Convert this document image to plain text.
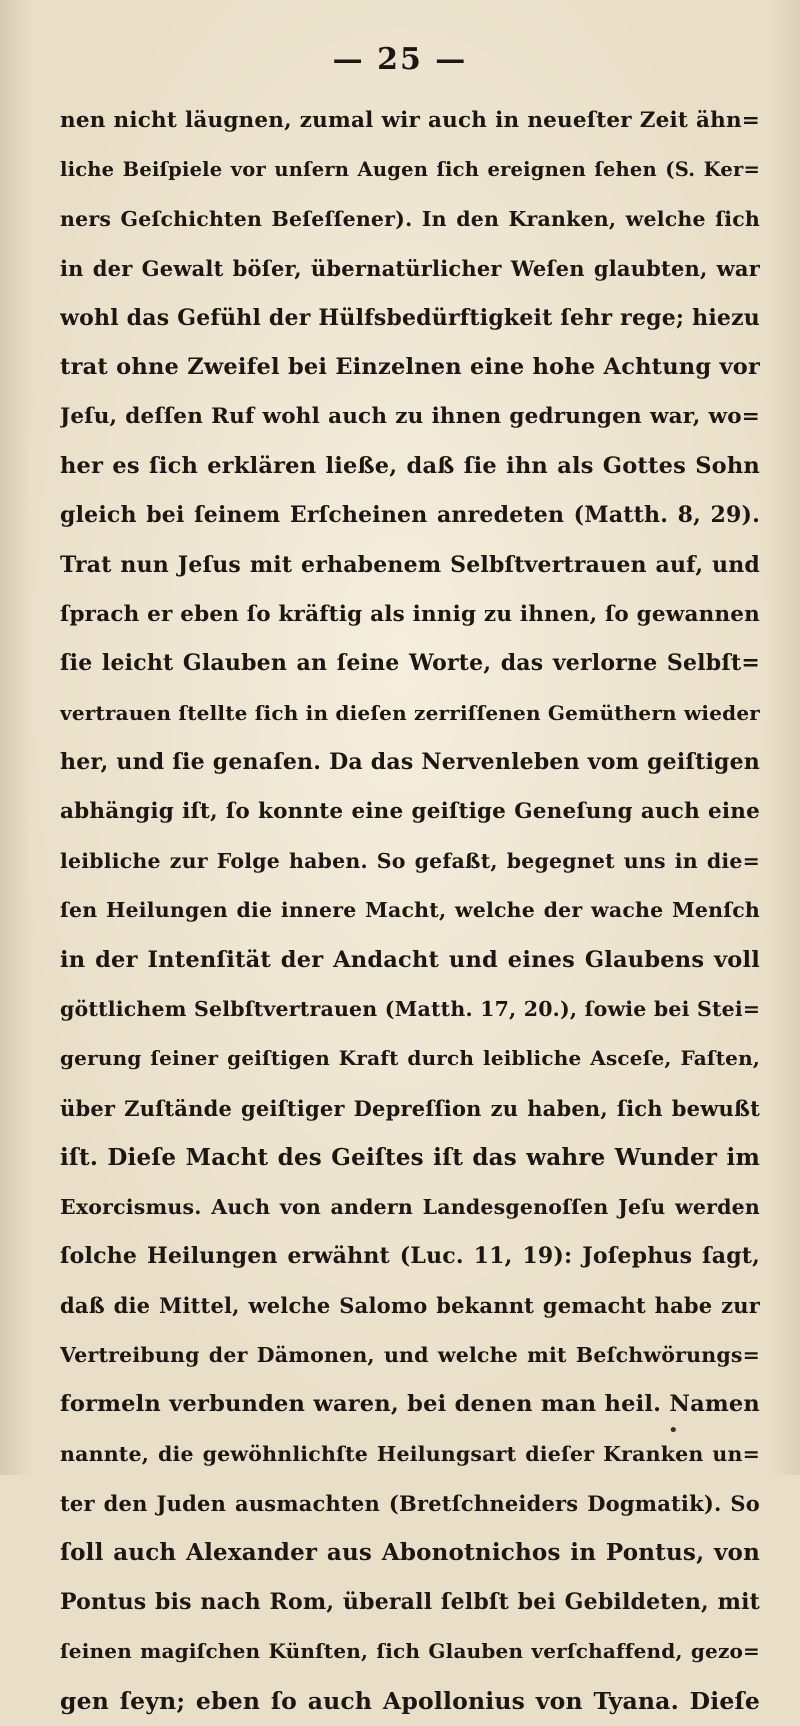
— 25 —
nen nicht läugnen, zumal wir auch in neueſter Zeit ähn=
liche Beiſpiele vor unſern Augen ſich ereignen ſehen (S. Ker=
ners Geſchichten Beſeſſener). In den Kranken, welche ſich
in der Gewalt böſer, übernatürlicher Weſen glaubten, war
wohl das Gefühl der Hülfsbedürftigkeit ſehr rege; hiezu
trat ohne Zweifel bei Einzelnen eine hohe Achtung vor
Jeſu, deſſen Ruf wohl auch zu ihnen gedrungen war, wo=
her es ſich erklären ließe, daß ſie ihn als Gottes Sohn
gleich bei ſeinem Erſcheinen anredeten (Matth. 8, 29).
Trat nun Jeſus mit erhabenem Selbſtvertrauen auf, und
ſprach er eben ſo kräftig als innig zu ihnen, ſo gewannen
ſie leicht Glauben an ſeine Worte, das verlorne Selbſt=
vertrauen ſtellte ſich in dieſen zerriſſenen Gemüthern wieder
her, und ſie genaſen. Da das Nervenleben vom geiſtigen
abhängig iſt, ſo konnte eine geiſtige Geneſung auch eine
leibliche zur Folge haben. So gefaßt, begegnet uns in die=
ſen Heilungen die innere Macht, welche der wache Menſch
in der Intenſität der Andacht und eines Glaubens voll
göttlichem Selbſtvertrauen (Matth. 17, 20.), ſowie bei Stei=
gerung ſeiner geiſtigen Kraft durch leibliche Asceſe, Faſten,
über Zuſtände geiſtiger Depreſſion zu haben, ſich bewußt
iſt. Dieſe Macht des Geiſtes iſt das wahre Wunder im
Exorcismus. Auch von andern Landesgenoſſen Jeſu werden
ſolche Heilungen erwähnt (Luc. 11, 19): Joſephus ſagt,
daß die Mittel, welche Salomo bekannt gemacht habe zur
Vertreibung der Dämonen, und welche mit Beſchwörungs=
formeln verbunden waren, bei denen man heil. Namen
nannte, die gewöhnlichſte Heilungsart dieſer Kranken un=
ter den Juden ausmachten (Bretſchneiders Dogmatik). So
ſoll auch Alexander aus Abonotnichos in Pontus, von
Pontus bis nach Rom, überall ſelbſt bei Gebildeten, mit
ſeinen magiſchen Künſten, ſich Glauben verſchaffend, gezo=
gen ſeyn; eben ſo auch Apollonius von Tyana. Dieſe
•
